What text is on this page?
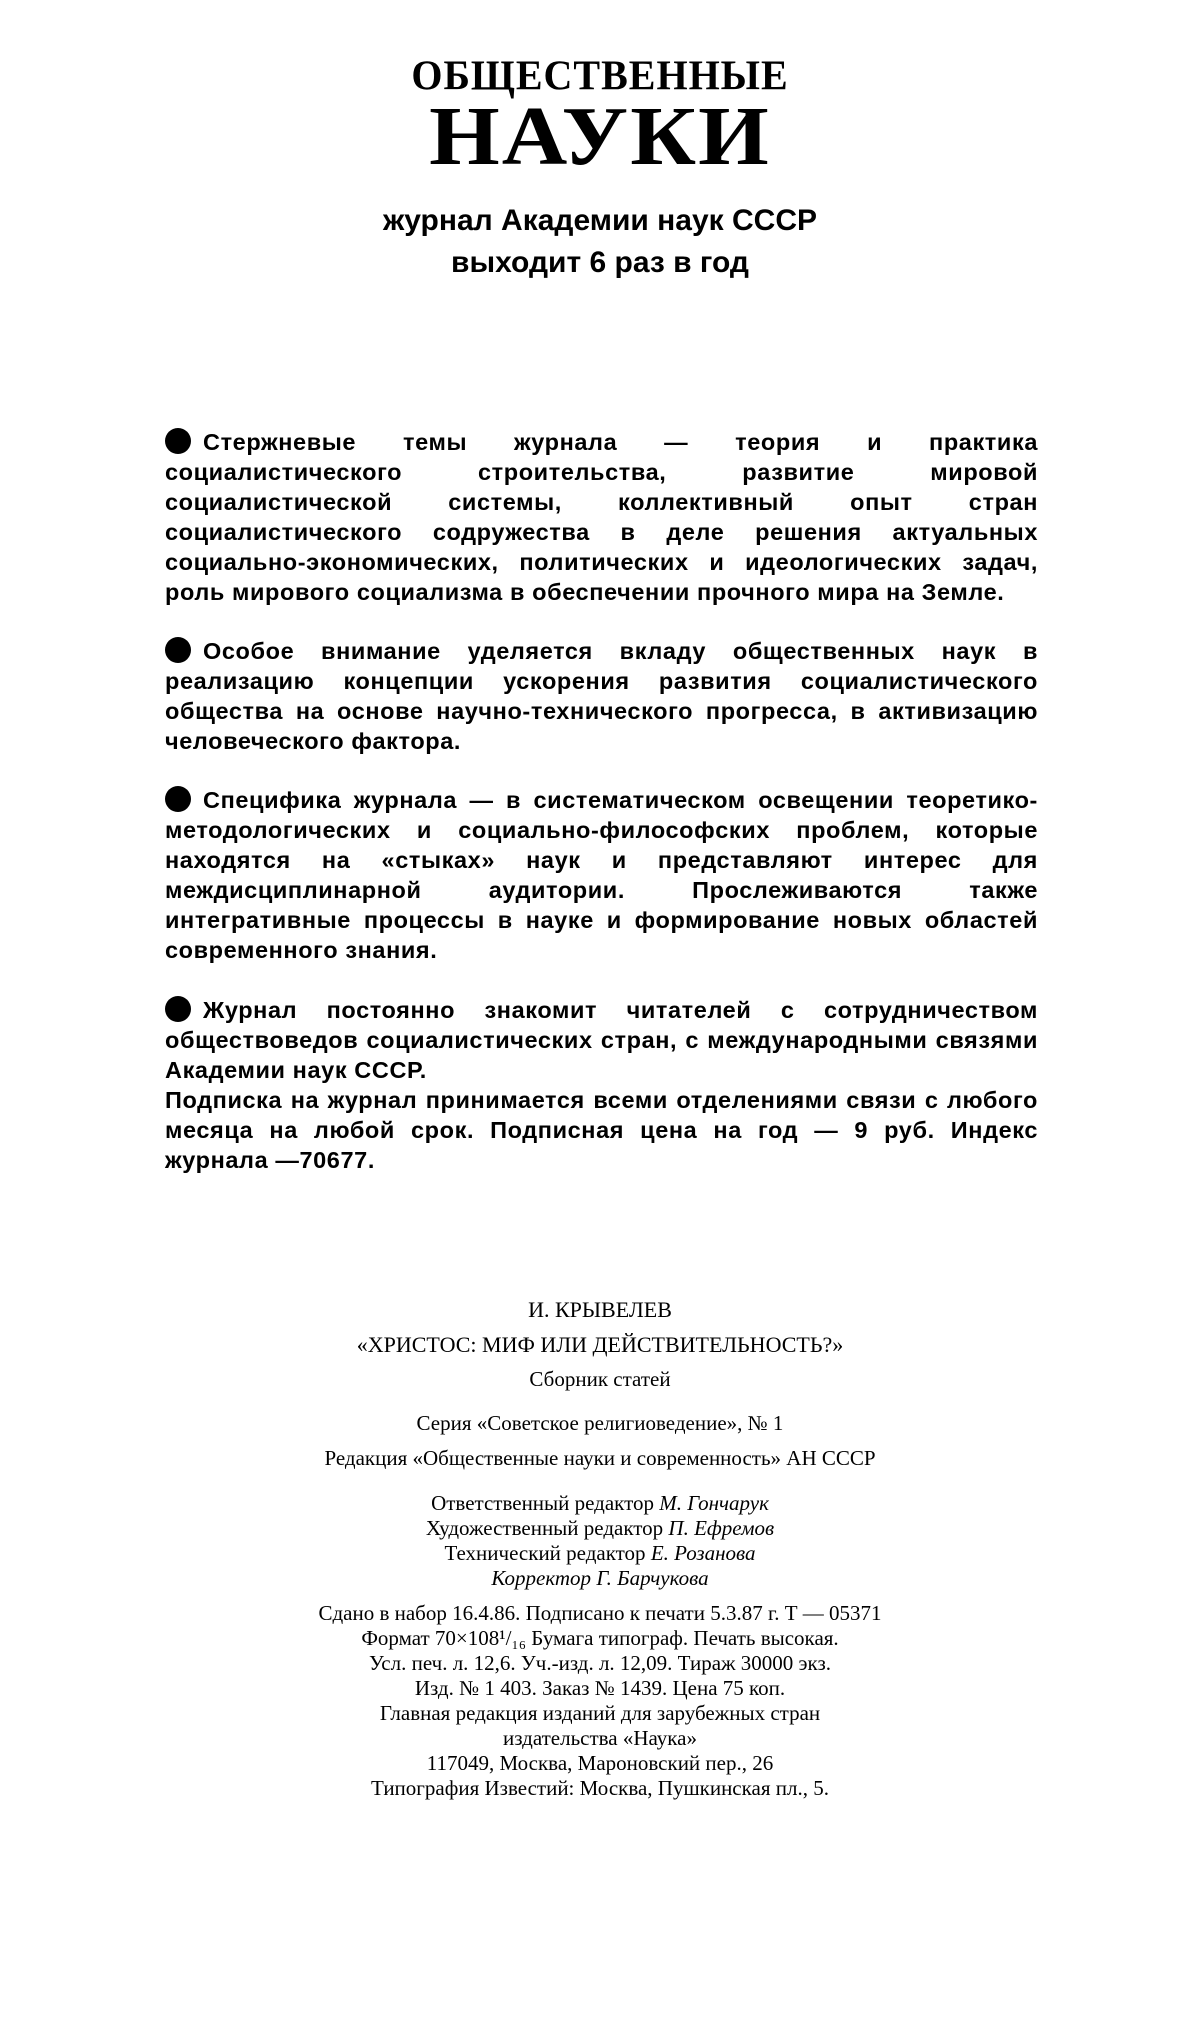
ОБЩЕСТВЕННЫЕ
НАУКИ
журнал Академии наук СССР
выходит 6 раз в год
Стержневые темы журнала — теория и практика социалистического строительства, развитие мировой социалистической системы, коллективный опыт стран социалистического содружества в деле решения актуальных социально-экономических, политических и идеологических задач, роль мирового социализма в обеспечении прочного мира на Земле.
Особое внимание уделяется вкладу общественных наук в реализацию концепции ускорения развития социалистического общества на основе научно-технического прогресса, в активизацию человеческого фактора.
Специфика журнала — в систематическом освещении теоретико-методологических и социально-философских проблем, которые находятся на «стыках» наук и представляют интерес для междисциплинарной аудитории. Прослеживаются также интегративные процессы в науке и формирование новых областей современного знания.
Журнал постоянно знакомит читателей с сотрудничеством обществоведов социалистических стран, с международными связями Академии наук СССР.
Подписка на журнал принимается всеми отделениями связи с любого месяца на любой срок. Подписная цена на год — 9 руб. Индекс журнала —70677.
И. КРЫВЕЛЕВ
«ХРИСТОС: МИФ ИЛИ ДЕЙСТВИТЕЛЬНОСТЬ?»
Сборник статей
Серия «Советское религиоведение», № 1
Редакция «Общественные науки и современность» АН СССР
Ответственный редактор М. Гончарук
Художественный редактор П. Ефремов
Технический редактор Е. Розанова
Корректор Г. Барчукова
Сдано в набор 16.4.86. Подписано к печати 5.3.87 г. Т — 05371
Формат 70×108¹/₁₆ Бумага типограф. Печать высокая.
Усл. печ. л. 12,6. Уч.-изд. л. 12,09. Тираж 30000 экз.
Изд. № 1 403. Заказ № 1439. Цена 75 коп.
Главная редакция изданий для зарубежных стран
издательства «Наука»
117049, Москва, Мароновский пер., 26
Типография Известий: Москва, Пушкинская пл., 5.
